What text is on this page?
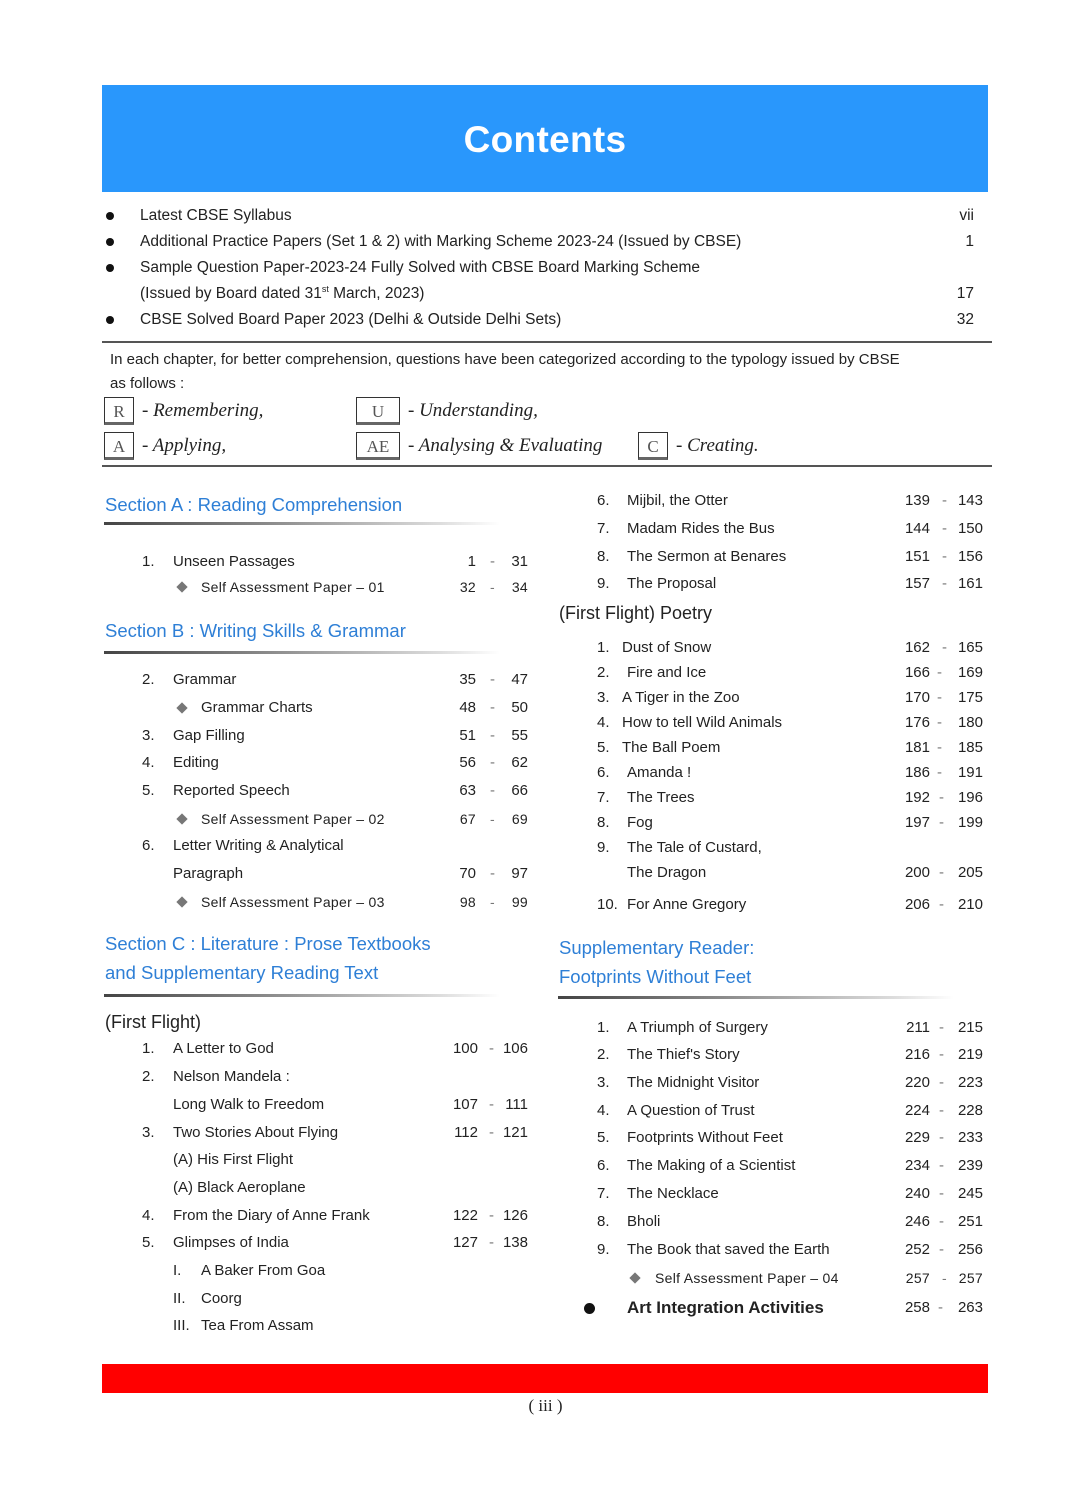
Contents
Latest CBSE Syllabus	vii
Additional Practice Papers (Set 1 & 2) with Marking Scheme 2023-24 (Issued by CBSE)	1
Sample Question Paper-2023-24 Fully Solved with CBSE Board Marking Scheme
(Issued by Board dated 31st March, 2023)	17
CBSE Solved Board Paper 2023 (Delhi & Outside Delhi Sets)	32
In each chapter, for better comprehension, questions have been categorized according to the typology issued by CBSE
as follows :
R - Remembering,	U	- Understanding,
A - Applying,	AE - Analysing & Evaluating	C - Creating.
Section A : Reading Comprehension
1. Unseen Passages	1 -	31
Self Assessment Paper – 01	32 -	34
Section B : Writing Skills & Grammar
2. Grammar	35 -	47
Grammar Charts	48 -	50
3. Gap Filling	51 -	55
4. Editing	56 -	62
5. Reported Speech	63 -	66
Self Assessment Paper – 02	67 -	69
6. Letter Writing & Analytical
Paragraph	70 -	97
Self Assessment Paper – 03	98 -	99
Section C : Literature : Prose Textbooks
and Supplementary Reading Text
(First Flight)
1. A Letter to God	100 - 106
2. Nelson Mandela :
Long Walk to Freedom	107 - 111
3. Two Stories About Flying	112 - 121
(A) His First Flight
(A) Black Aeroplane
4. From the Diary of Anne Frank	122 - 126
5. Glimpses of India	127 - 138
I. A Baker From Goa
II. Coorg
III. Tea From Assam
6. Mijbil, the Otter	139 - 143
7. Madam Rides the Bus	144 - 150
8. The Sermon at Benares	151 - 156
9. The Proposal	157 - 161
(First Flight) Poetry
1. Dust of Snow	162 - 165
2. Fire and Ice	166 -	169
3. A Tiger in the Zoo	170 -	175
4. How to tell Wild Animals	176 -	180
5. The Ball Poem	181 -	185
6. Amanda !	186 -	191
7. The Trees	192 - 196
8. Fog	197 - 199
9. The Tale of Custard,
The Dragon	200 - 205
10. For Anne Gregory	206 - 210
Supplementary Reader:
Footprints Without Feet
1. A Triumph of Surgery	211 - 215
2. The Thief's Story	216 - 219
3. The Midnight Visitor	220 - 223
4. A Question of Trust	224 - 228
5. Footprints Without Feet	229 - 233
6. The Making of a Scientist	234 - 239
7. The Necklace	240 - 245
8. Bholi	246 - 251
9. The Book that saved the Earth	252 - 256
Self Assessment Paper – 04	257 - 257
Art Integration Activities	258 - 263
( iii )
